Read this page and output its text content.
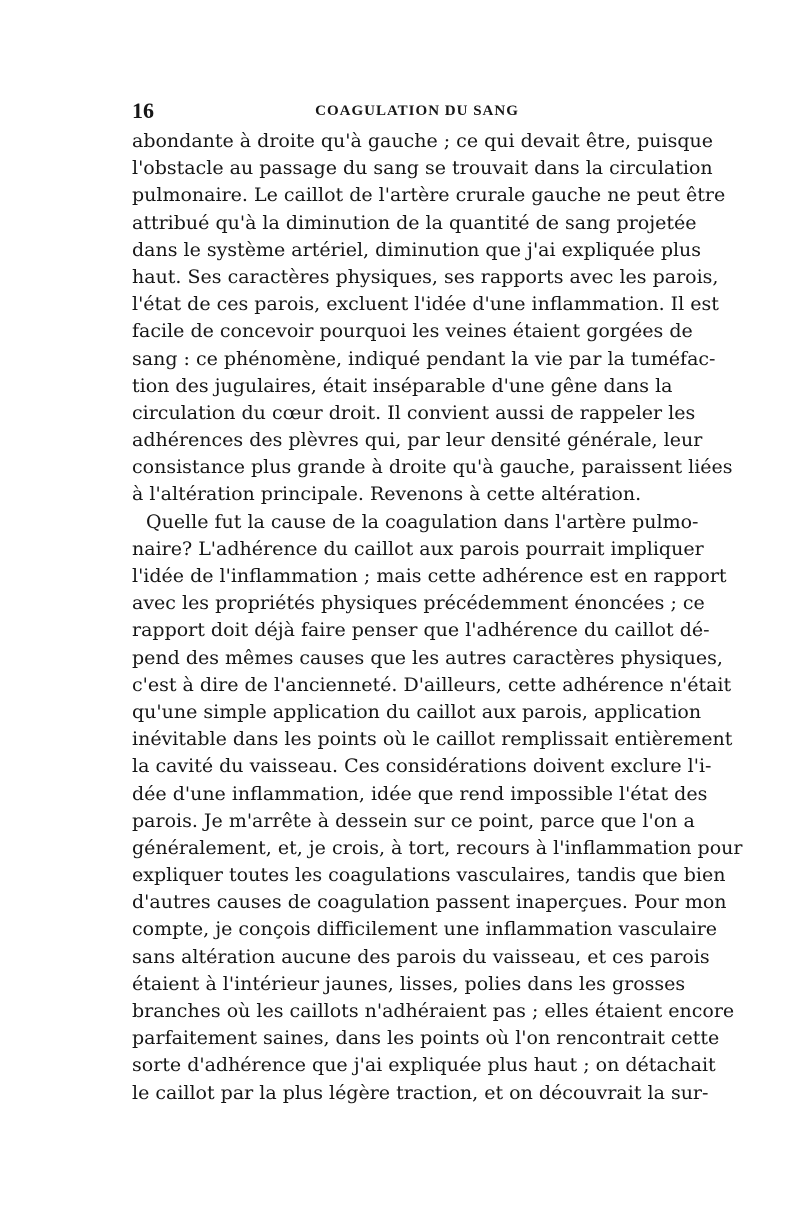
16	COAGULATION DU SANG
abondante à droite qu'à gauche ; ce qui devait être, puisque
l'obstacle au passage du sang se trouvait dans la circulation
pulmonaire. Le caillot de l'artère crurale gauche ne peut être
attribué qu'à la diminution de la quantité de sang projetée
dans le système artériel, diminution que j'ai expliquée plus
haut. Ses caractères physiques, ses rapports avec les parois,
l'état de ces parois, excluent l'idée d'une inflammation. Il est
facile de concevoir pourquoi les veines étaient gorgées de
sang : ce phénomène, indiqué pendant la vie par la tuméfac-
tion des jugulaires, était inséparable d'une gêne dans la
circulation du cœur droit. Il convient aussi de rappeler les
adhérences des plèvres qui, par leur densité générale, leur
consistance plus grande à droite qu'à gauche, paraissent liées
à l'altération principale. Revenons à cette altération.
Quelle fut la cause de la coagulation dans l'artère pulmo-
naire? L'adhérence du caillot aux parois pourrait impliquer
l'idée de l'inflammation ; mais cette adhérence est en rapport
avec les propriétés physiques précédemment énoncées ; ce
rapport doit déjà faire penser que l'adhérence du caillot dé-
pend des mêmes causes que les autres caractères physiques,
c'est à dire de l'ancienneté. D'ailleurs, cette adhérence n'était
qu'une simple application du caillot aux parois, application
inévitable dans les points où le caillot remplissait entièrement
la cavité du vaisseau. Ces considérations doivent exclure l'i-
dée d'une inflammation, idée que rend impossible l'état des
parois. Je m'arrête à dessein sur ce point, parce que l'on a
généralement, et, je crois, à tort, recours à l'inflammation pour
expliquer toutes les coagulations vasculaires, tandis que bien
d'autres causes de coagulation passent inaperçues. Pour mon
compte, je conçois difficilement une inflammation vasculaire
sans altération aucune des parois du vaisseau, et ces parois
étaient à l'intérieur jaunes, lisses, polies dans les grosses
branches où les caillots n'adhéraient pas ; elles étaient encore
parfaitement saines, dans les points où l'on rencontrait cette
sorte d'adhérence que j'ai expliquée plus haut ; on détachait
le caillot par la plus légère traction, et on découvrait la sur-
